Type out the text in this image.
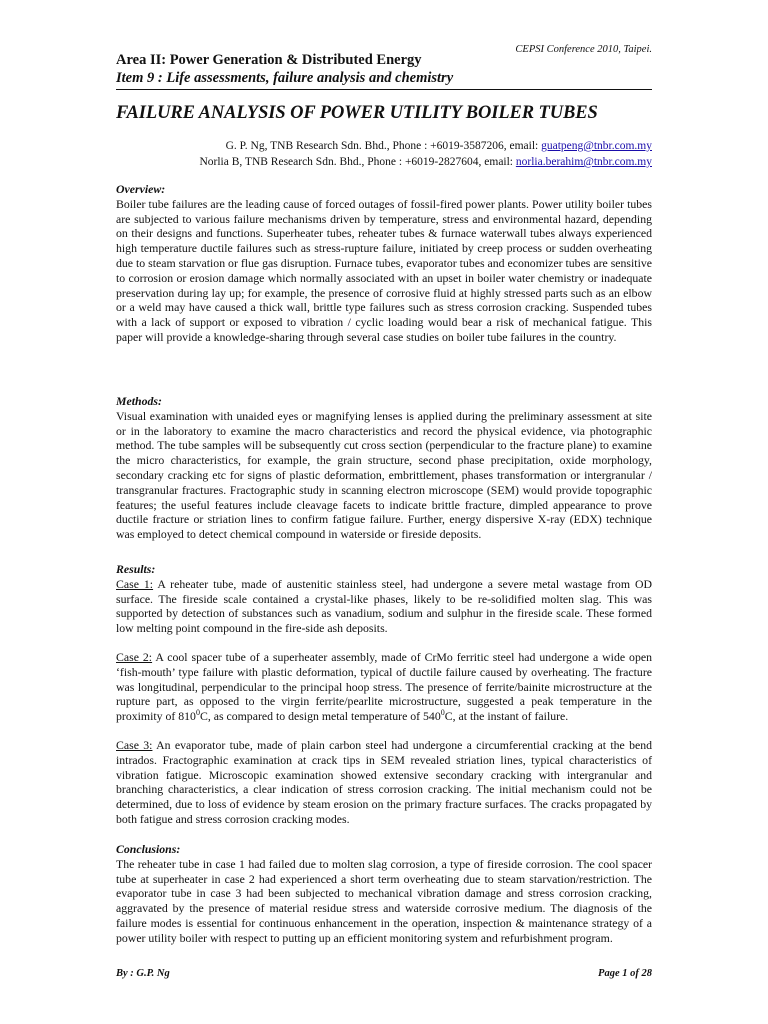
CEPSI Conference 2010, Taipei.
Area II: Power Generation & Distributed Energy
Item 9 : Life assessments, failure analysis and chemistry
FAILURE ANALYSIS OF POWER UTILITY BOILER TUBES
G. P. Ng, TNB Research Sdn. Bhd., Phone : +6019-3587206, email: guatpeng@tnbr.com.my
Norlia B, TNB Research Sdn. Bhd., Phone : +6019-2827604, email: norlia.berahim@tnbr.com.my
Overview:
Boiler tube failures are the leading cause of forced outages of fossil-fired power plants. Power utility boiler tubes are subjected to various failure mechanisms driven by temperature, stress and environmental hazard, depending on their designs and functions. Superheater tubes, reheater tubes & furnace waterwall tubes always experienced high temperature ductile failures such as stress-rupture failure, initiated by creep process or sudden overheating due to steam starvation or flue gas disruption. Furnace tubes, evaporator tubes and economizer tubes are sensitive to corrosion or erosion damage which normally associated with an upset in boiler water chemistry or inadequate preservation during lay up; for example, the presence of corrosive fluid at highly stressed parts such as an elbow or a weld may have caused a thick wall, brittle type failures such as stress corrosion cracking. Suspended tubes with a lack of support or exposed to vibration / cyclic loading would bear a risk of mechanical fatigue. This paper will provide a knowledge-sharing through several case studies on boiler tube failures in the country.
Methods:
Visual examination with unaided eyes or magnifying lenses is applied during the preliminary assessment at site or in the laboratory to examine the macro characteristics and record the physical evidence, via photographic method. The tube samples will be subsequently cut cross section (perpendicular to the fracture plane) to examine the micro characteristics, for example, the grain structure, second phase precipitation, oxide morphology, secondary cracking etc for signs of plastic deformation, embrittlement, phases transformation or intergranular / transgranular fractures. Fractographic study in scanning electron microscope (SEM) would provide topographic features; the useful features include cleavage facets to indicate brittle fracture, dimpled appearance to prove ductile fracture or striation lines to confirm fatigue failure. Further, energy dispersive X-ray (EDX) technique was employed to detect chemical compound in waterside or fireside deposits.
Results:

Case 1: A reheater tube, made of austenitic stainless steel, had undergone a severe metal wastage from OD surface. The fireside scale contained a crystal-like phases, likely to be re-solidified molten slag. This was supported by detection of substances such as vanadium, sodium and sulphur in the fireside scale. These formed low melting point compound in the fire-side ash deposits.

Case 2: A cool spacer tube of a superheater assembly, made of CrMo ferritic steel had undergone a wide open ‘fish-mouth’ type failure with plastic deformation, typical of ductile failure caused by overheating. The fracture was longitudinal, perpendicular to the principal hoop stress. The presence of ferrite/bainite microstructure at the rupture part, as opposed to the virgin ferrite/pearlite microstructure, suggested a peak temperature in the proximity of $810^0C$, as compared to design metal temperature of $540^0C$, at the instant of failure.

Case 3: An evaporator tube, made of plain carbon steel had undergone a circumferential cracking at the bend intrados. Fractographic examination at crack tips in SEM revealed striation lines, typical characteristics of vibration fatigue. Microscopic examination showed extensive secondary cracking with intergranular and branching characteristics, a clear indication of stress corrosion cracking. The initial mechanism could not be determined, due to loss of evidence by steam erosion on the primary fracture surfaces. The cracks propagated by both fatigue and stress corrosion cracking modes.

Conclusions:
The reheater tube in case 1 had failed due to molten slag corrosion, a type of fireside corrosion. The cool spacer tube at superheater in case 2 had experienced a short term overheating due to steam starvation/restriction. The evaporator tube in case 3 had been subjected to mechanical vibration damage and stress corrosion cracking, aggravated by the presence of material residue stress and waterside corrosive medium. The diagnosis of the failure modes is essential for continuous enhancement in the operation, inspection & maintenance strategy of a power utility boiler with respect to putting up an efficient monitoring system and refurbishment program.
By : G.P. Ng	Page 1 of 28
